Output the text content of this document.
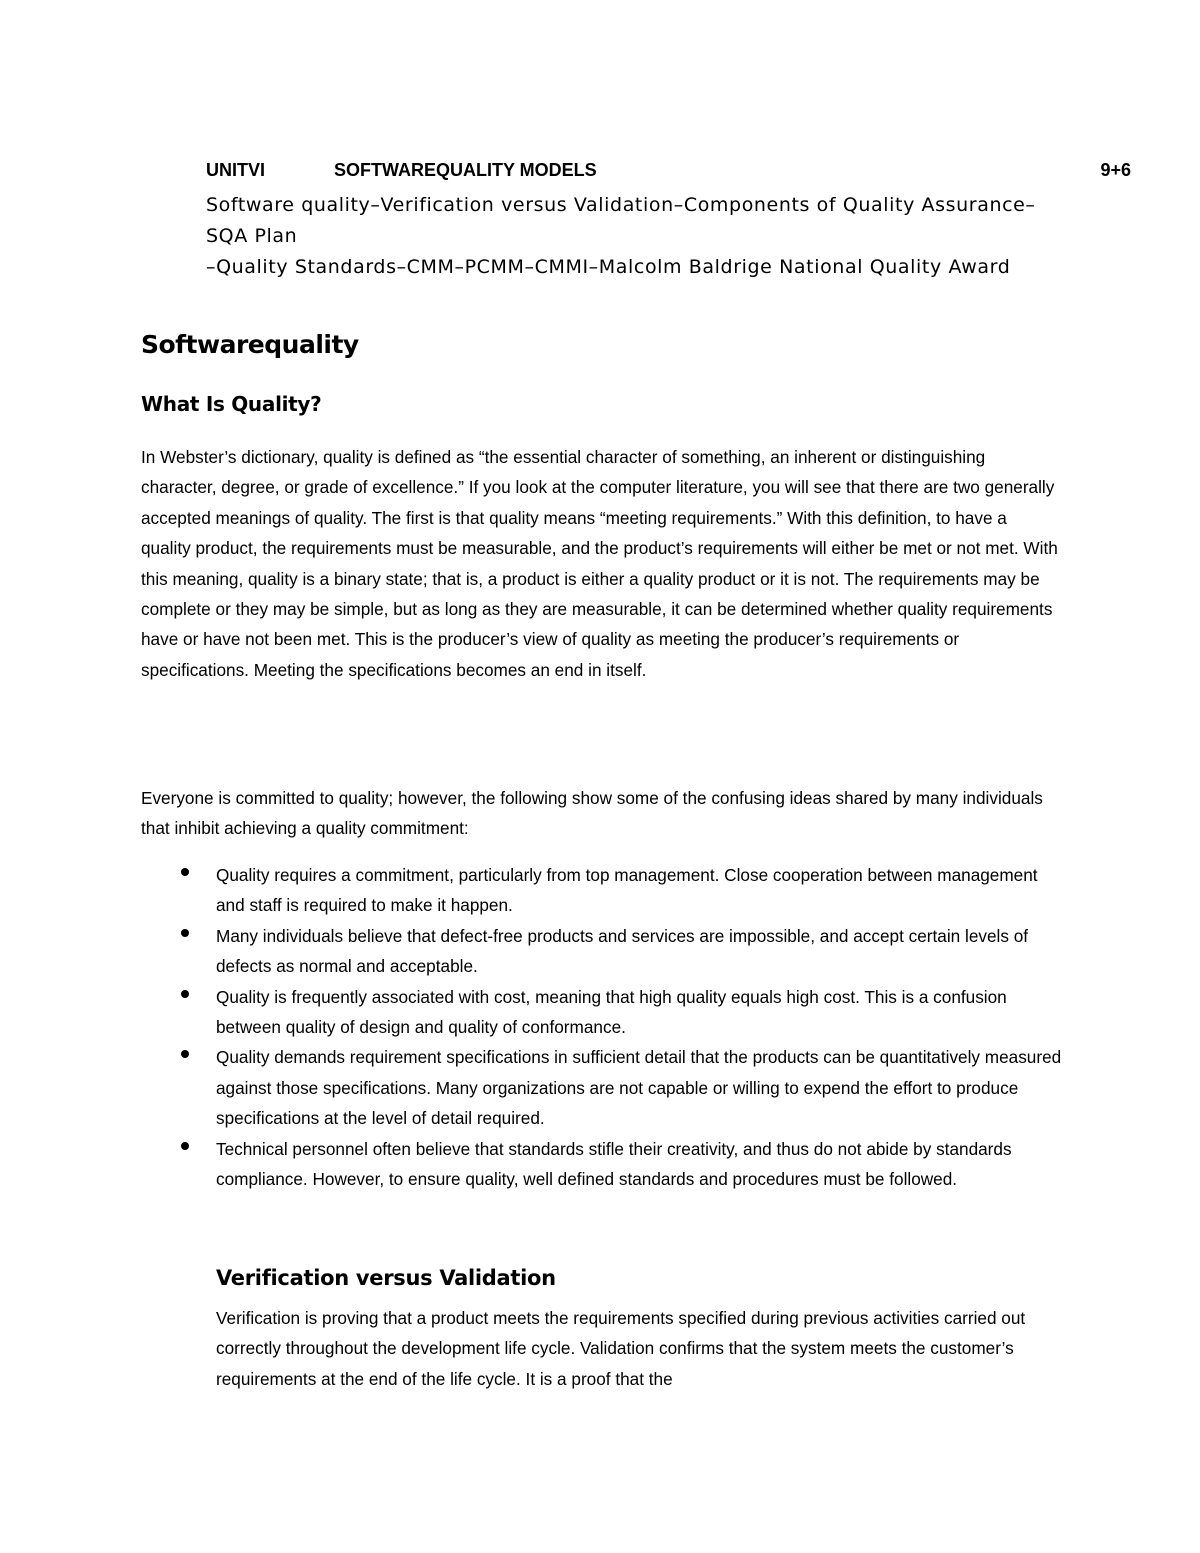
UNITVI	SOFTWAREQUALITY MODELS	9+6
Software quality–Verification versus Validation–Components of Quality Assurance–
SQA Plan
–Quality Standards–CMM–PCMM–CMMI–Malcolm Baldrige National Quality Award
Softwarequality
What Is Quality?
In Webster’s dictionary, quality is defined as “the essential character of something, an inherent or distinguishing character, degree, or grade of excellence.” If you look at the computer literature, you will see that there are two generally accepted meanings of quality. The first is that quality means “meeting requirements.” With this definition, to have a quality product, the requirements must be measurable, and the product’s requirements will either be met or not met. With this meaning, quality is a binary state; that is, a product is either a quality product or it is not. The requirements may be complete or they may be simple, but as long as they are measurable, it can be determined whether quality requirements have or have not been met. This is the producer’s view of quality as meeting the producer’s requirements or specifications. Meeting the specifications becomes an end in itself.
Everyone is committed to quality; however, the following show some of the confusing ideas shared by many individuals that inhibit achieving a quality commitment:
Quality requires a commitment, particularly from top management. Close cooperation between management and staff is required to make it happen.
Many individuals believe that defect-free products and services are impossible, and accept certain levels of defects as normal and acceptable.
Quality is frequently associated with cost, meaning that high quality equals high cost. This is a confusion between quality of design and quality of conformance.
Quality demands requirement specifications in sufficient detail that the products can be quantitatively measured against those specifications. Many organizations are not capable or willing to expend the effort to produce specifications at the level of detail required.
Technical personnel often believe that standards stifle their creativity, and thus do not abide by standards compliance. However, to ensure quality, well defined standards and procedures must be followed.
Verification versus Validation
Verification is proving that a product meets the requirements specified during previous activities carried out correctly throughout the development life cycle. Validation confirms that the system meets the customer’s requirements at the end of the life cycle. It is a proof that the
